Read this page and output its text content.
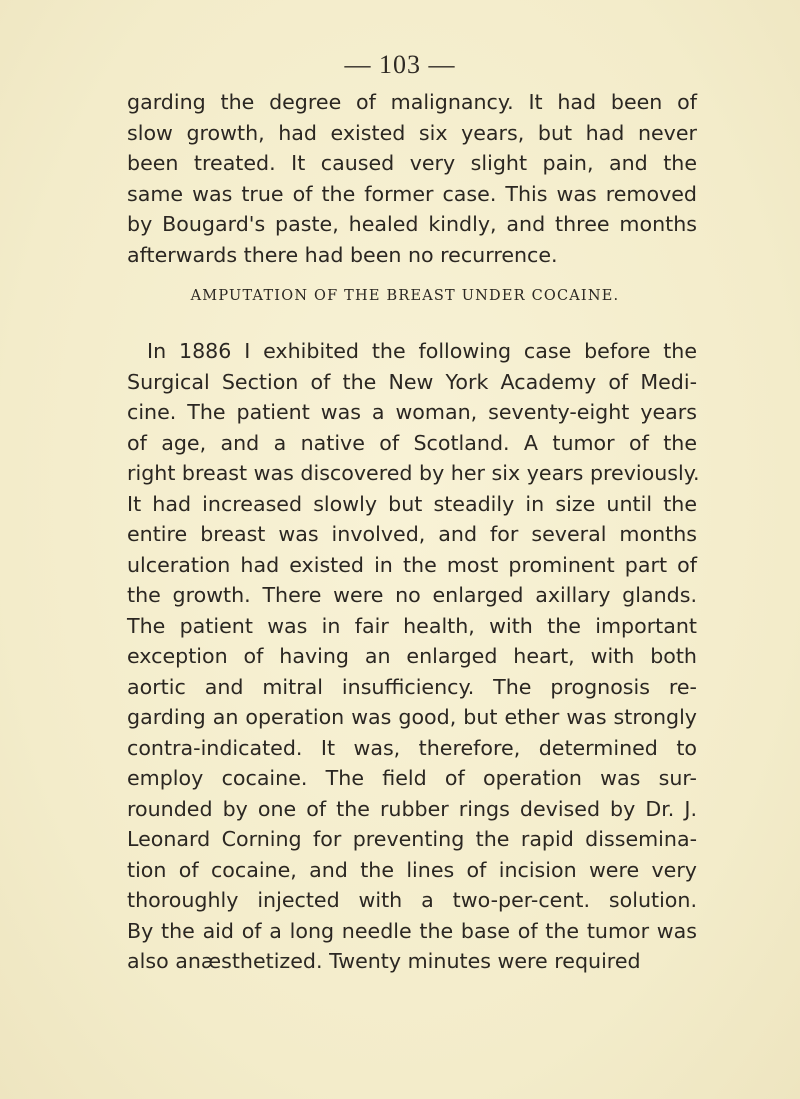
— 103 —
garding the degree of malignancy. It had been of
slow growth, had existed six years, but had never
been treated. It caused very slight pain, and the
same was true of the former case. This was removed
by Bougard's paste, healed kindly, and three months
afterwards there had been no recurrence.
AMPUTATION OF THE BREAST UNDER COCAINE.
In 1886 I exhibited the following case before the
Surgical Section of the New York Academy of Medi-
cine. The patient was a woman, seventy-eight years
of age, and a native of Scotland. A tumor of the
right breast was discovered by her six years previously.
It had increased slowly but steadily in size until the
entire breast was involved, and for several months
ulceration had existed in the most prominent part of
the growth. There were no enlarged axillary glands.
The patient was in fair health, with the important
exception of having an enlarged heart, with both
aortic and mitral insufficiency. The prognosis re-
garding an operation was good, but ether was strongly
contra-indicated. It was, therefore, determined to
employ cocaine. The field of operation was sur-
rounded by one of the rubber rings devised by Dr. J.
Leonard Corning for preventing the rapid dissemina-
tion of cocaine, and the lines of incision were very
thoroughly injected with a two-per-cent. solution.
By the aid of a long needle the base of the tumor was
also anæsthetized. Twenty minutes were required
